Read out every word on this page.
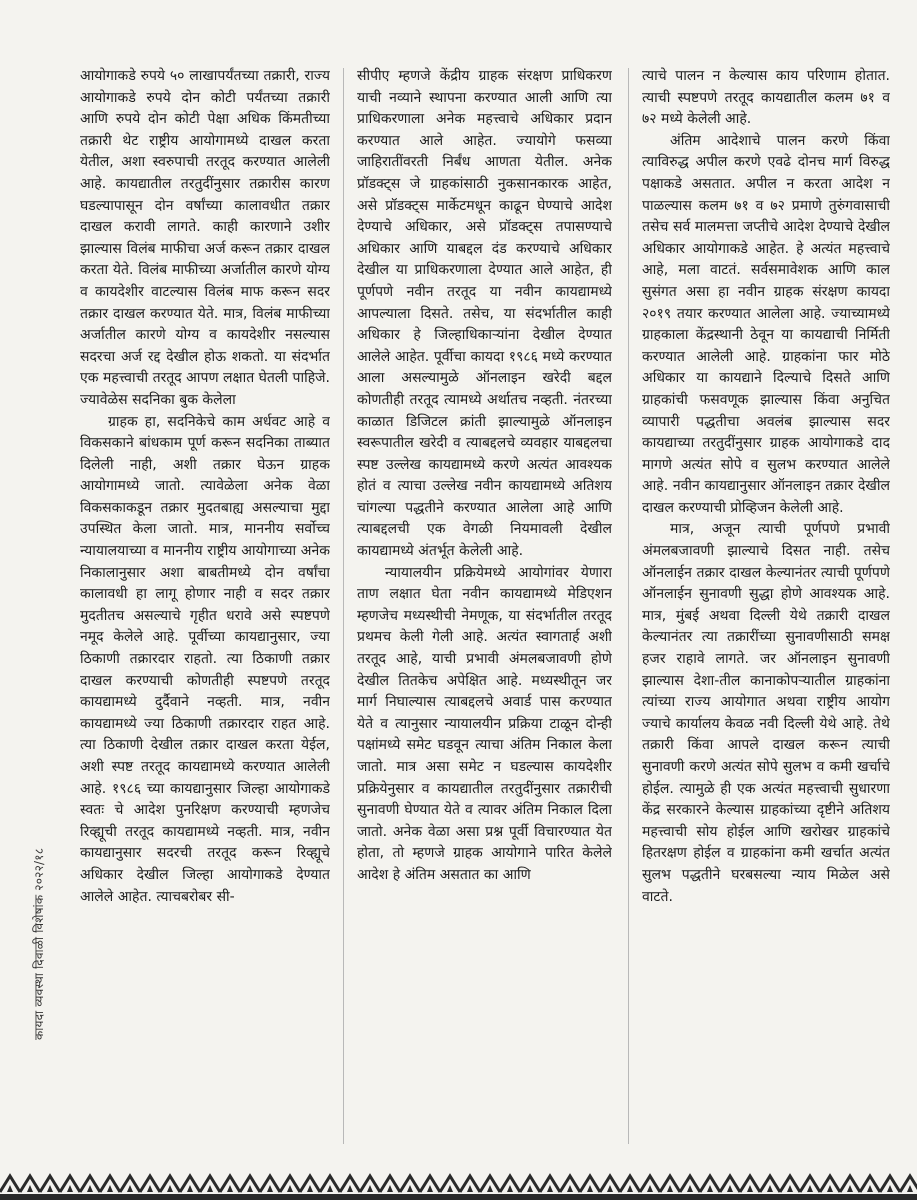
आयोगाकडे रुपये ५० लाखापर्यंतच्या तक्रारी, राज्य आयोगाकडे रुपये दोन कोटी पर्यंतच्या तक्रारी आणि रुपये दोन कोटी पेक्षा अधिक किंमतीच्या तक्रारी थेट राष्ट्रीय आयोगामध्ये दाखल करता येतील, अशा स्वरुपाची तरतूद करण्यात आलेली आहे. कायद्यातील तरतुदींनुसार तक्रारीस कारण घडल्यापासून दोन वर्षांच्या कालावधीत तक्रार दाखल करावी लागते. काही कारणाने उशीर झाल्यास विलंब माफीचा अर्ज करून तक्रार दाखल करता येते. विलंब माफीच्या अर्जातील कारणे योग्य व कायदेशीर वाटल्यास विलंब माफ करून सदर तक्रार दाखल करण्यात येते. मात्र, विलंब माफीच्या अर्जातील कारणे योग्य व कायदेशीर नसल्यास सदरचा अर्ज रद्द देखील होऊ शकतो. या संदर्भात एक महत्त्वाची तरतूद आपण लक्षात घेतली पाहिजे. ज्यावेळेस सदनिका बुक केलेला

ग्राहक हा, सदनिकेचे काम अर्धवट आहे व विकसकाने बांधकाम पूर्ण करून सदनिका ताब्यात दिलेली नाही, अशी तक्रार घेऊन ग्राहक आयोगामध्ये जातो. त्यावेळेला अनेक वेळा विकसकाकडून तक्रार मुदतबाह्य असल्याचा मुद्दा उपस्थित केला जातो. मात्र, माननीय सर्वोच्च न्यायालयाच्या व माननीय राष्ट्रीय आयोगाच्या अनेक निकालानुसार अशा बाबतीमध्ये दोन वर्षांचा कालावधी हा लागू होणार नाही व सदर तक्रार मुदतीतच असल्याचे गृहीत धरावे असे स्पष्टपणे नमूद केलेले आहे. पूर्वीच्या कायद्यानुसार, ज्या ठिकाणी तक्रारदार राहतो. त्या ठिकाणी तक्रार दाखल करण्याची कोणतीही स्पष्टपणे तरतूद कायद्यामध्ये दुर्दैवाने नव्हती. मात्र, नवीन कायद्यामध्ये ज्या ठिकाणी तक्रारदार राहत आहे. त्या ठिकाणी देखील तक्रार दाखल करता येईल, अशी स्पष्ट तरतूद कायद्यामध्ये करण्यात आलेली आहे. १९८६ च्या कायद्यानुसार जिल्हा आयोगाकडे स्वतः चे आदेश पुनरिक्षण करण्याची म्हणजेच रिव्ह्यूची तरतूद कायद्यामध्ये नव्हती. मात्र, नवीन कायद्यानुसार सदरची तरतूद करून रिव्ह्यूचे अधिकार देखील जिल्हा आयोगाकडे देण्यात आलेले आहेत. त्याचबरोबर सी-

सीपीए म्हणजे केंद्रीय ग्राहक संरक्षण प्राधिकरण याची नव्याने स्थापना करण्यात आली आणि त्या प्राधिकरणाला अनेक महत्त्वाचे अधिकार प्रदान करण्यात आले आहेत. ज्यायोगे फसव्या जाहिरातींवरती निर्बंध आणता येतील. अनेक प्रॉडक्ट्स जे ग्राहकांसाठी नुकसानकारक आहेत, असे प्रॉडक्ट्स मार्केटमधून काढून घेण्याचे आदेश देण्याचे अधिकार, असे प्रॉडक्ट्स तपासण्याचे अधिकार आणि याबद्दल दंड करण्याचे अधिकार देखील या प्राधिकरणाला देण्यात आले आहेत, ही पूर्णपणे नवीन तरतूद या नवीन कायद्यामध्ये आपल्याला दिसते. तसेच, या संदर्भातील काही अधिकार हे जिल्हाधिकाऱ्यांना देखील देण्यात आलेले आहेत. पूर्वीचा कायदा १९८६ मध्ये करण्यात आला असल्यामुळे ऑनलाइन खरेदी बद्दल कोणतीही तरतूद त्यामध्ये अर्थातच नव्हती. नंतरच्या काळात डिजिटल क्रांती झाल्यामुळे ऑनलाइन स्वरूपातील खरेदी व त्याबद्दलचे व्यवहार याबद्दलचा स्पष्ट उल्लेख कायद्यामध्ये करणे अत्यंत आवश्यक होतं व त्याचा उल्लेख नवीन कायद्यामध्ये अतिशय चांगल्या पद्धतीने करण्यात आलेला आहे आणि त्याबद्दलची एक वेगळी नियमावली देखील कायद्यामध्ये अंतर्भूत केलेली आहे.

न्यायालयीन प्रक्रियेमध्ये आयोगांवर येणारा ताण लक्षात घेता नवीन कायद्यामध्ये मेडिएशन म्हणजेच मध्यस्थीची नेमणूक, या संदर्भातील तरतूद प्रथमच केली गेली आहे. अत्यंत स्वागतार्ह अशी तरतूद आहे, याची प्रभावी अंमलबजावणी होणे देखील तितकेच अपेक्षित आहे. मध्यस्थीतून जर मार्ग निघाल्यास त्याबद्दलचे अवार्ड पास करण्यात येते व त्यानुसार न्यायालयीन प्रक्रिया टाळून दोन्ही पक्षांमध्ये समेट घडवून त्याचा अंतिम निकाल केला जातो. मात्र असा समेट न घडल्यास कायदेशीर प्रक्रियेनुसार व कायद्यातील तरतुदींनुसार तक्रारीची सुनावणी घेण्यात येते व त्यावर अंतिम निकाल दिला जातो. अनेक वेळा असा प्रश्न पूर्वी विचारण्यात येत होता, तो म्हणजे ग्राहक आयोगाने पारित केलेले आदेश हे अंतिम असतात का आणि

त्याचे पालन न केल्यास काय परिणाम होतात. त्याची स्पष्टपणे तरतूद कायद्यातील कलम ७१ व ७२ मध्ये केलेली आहे.

अंतिम आदेशाचे पालन करणे किंवा त्याविरुद्ध अपील करणे एवढे दोनच मार्ग विरुद्ध पक्षाकडे असतात. अपील न करता आदेश न पाळल्यास कलम ७१ व ७२ प्रमाणे तुरुंगवासाची तसेच सर्व मालमत्ता जप्तीचे आदेश देण्याचे देखील अधिकार आयोगाकडे आहेत. हे अत्यंत महत्त्वाचे आहे, मला वाटतं. सर्वसमावेशक आणि काल सुसंगत असा हा नवीन ग्राहक संरक्षण कायदा २०१९ तयार करण्यात आलेला आहे. ज्याच्यामध्ये ग्राहकाला केंद्रस्थानी ठेवून या कायद्याची निर्मिती करण्यात आलेली आहे. ग्राहकांना फार मोठे अधिकार या कायद्याने दिल्याचे दिसते आणि ग्राहकांची फसवणूक झाल्यास किंवा अनुचित व्यापारी पद्धतीचा अवलंब झाल्यास सदर कायद्याच्या तरतुदींनुसार ग्राहक आयोगाकडे दाद मागणे अत्यंत सोपे व सुलभ करण्यात आलेले आहे. नवीन कायद्यानुसार ऑनलाइन तक्रार देखील दाखल करण्याची प्रोव्हिजन केलेली आहे.

मात्र, अजून त्याची पूर्णपणे प्रभावी अंमलबजावणी झाल्याचे दिसत नाही. तसेच ऑनलाईन तक्रार दाखल केल्यानंतर त्याची पूर्णपणे ऑनलाईन सुनावणी सुद्धा होणे आवश्यक आहे. मात्र, मुंबई अथवा दिल्ली येथे तक्रारी दाखल केल्यानंतर त्या तक्रारींच्या सुनावणीसाठी समक्ष हजर राहावे लागते. जर ऑनलाइन सुनावणी झाल्यास देशा-तील कानाकोपऱ्यातील ग्राहकांना त्यांच्या राज्य आयोगात अथवा राष्ट्रीय आयोग ज्याचे कार्यालय केवळ नवी दिल्ली येथे आहे. तेथे तक्रारी किंवा आपले दाखल करून त्याची सुनावणी करणे अत्यंत सोपे सुलभ व कमी खर्चाचे होईल. त्यामुळे ही एक अत्यंत महत्त्वाची सुधारणा केंद्र सरकारने केल्यास ग्राहकांच्या दृष्टीने अतिशय महत्त्वाची सोय होईल आणि खरोखर ग्राहकांचे हितरक्षण होईल व ग्राहकांना कमी खर्चात अत्यंत सुलभ पद्धतीने घरबसल्या न्याय मिळेल असे वाटते.

कायदा व्यवस्था दिवाळी विशेषांक २०२२/१८
